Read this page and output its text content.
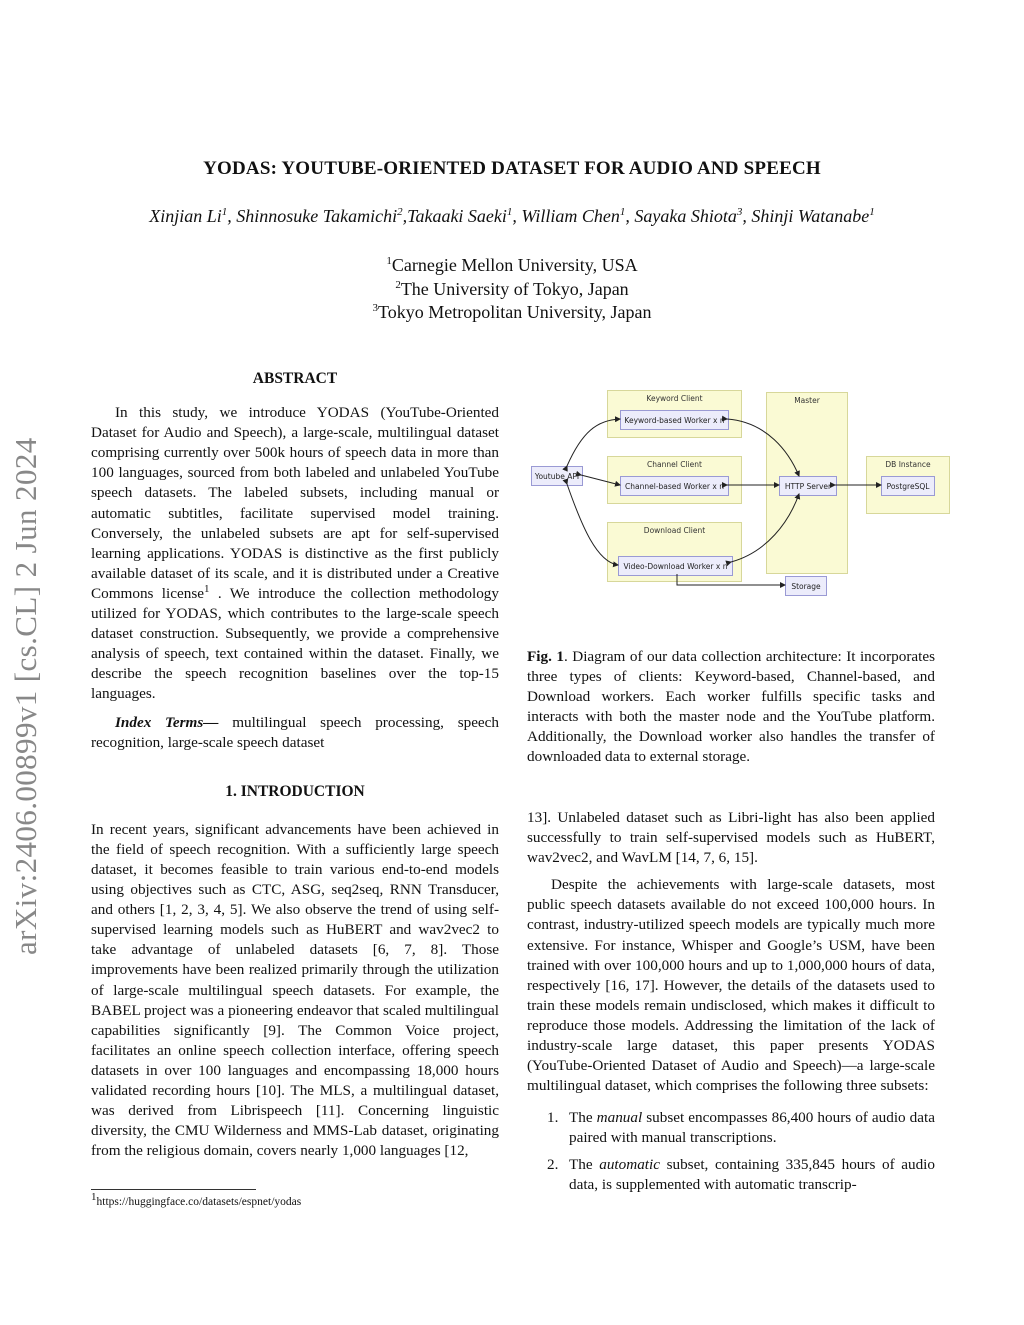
arXiv:2406.00899v1 [cs.CL] 2 Jun 2024
YODAS: YOUTUBE-ORIENTED DATASET FOR AUDIO AND SPEECH
Xinjian Li$^1$, Shinnosuke Takamichi$^2$,Takaaki Saeki$^1$, William Chen$^1$, Sayaka Shiota$^3$, Shinji Watanabe$^1$
$^1$Carnegie Mellon University, USA
$^2$The University of Tokyo, Japan
$^3$Tokyo Metropolitan University, Japan
ABSTRACT

In this study, we introduce YODAS (YouTube-Oriented Dataset for Audio and Speech), a large-scale, multilingual dataset comprising currently over 500k hours of speech data in more than 100 languages, sourced from both labeled and unlabeled YouTube speech datasets. The labeled subsets, including manual or automatic subtitles, facilitate supervised model training. Conversely, the unlabeled subsets are apt for self-supervised learning applications. YODAS is distinctive as the first publicly available dataset of its scale, and it is distributed under a Creative Commons license$^1$ . We introduce the collection methodology utilized for YODAS, which contributes to the large-scale speech dataset construction. Subsequently, we provide a comprehensive analysis of speech, text contained within the dataset. Finally, we describe the speech recognition baselines over the top-15 languages.

Index Terms— multilingual speech processing, speech recognition, large-scale speech dataset

1. INTRODUCTION

In recent years, significant advancements have been achieved in the field of speech recognition. With a sufficiently large speech dataset, it becomes feasible to train various end-to-end models using objectives such as CTC, ASG, seq2seq, RNN Transducer, and others [1, 2, 3, 4, 5]. We also observe the trend of using self-supervised learning models such as HuBERT and wav2vec2 to take advantage of unlabeled datasets [6, 7, 8]. Those improvements have been realized primarily through the utilization of large-scale multilingual speech datasets. For example, the BABEL project was a pioneering endeavor that scaled multilingual capabilities significantly [9]. The Common Voice project, facilitates an online speech collection interface, offering speech datasets in over 100 languages and encompassing 18,000 hours validated recording hours [10]. The MLS, a multilingual dataset, was derived from Librispeech [11]. Concerning linguistic diversity, the CMU Wilderness and MMS-Lab dataset, originating from the religious domain, covers nearly 1,000 languages [12,

$^1$https://huggingface.co/datasets/espnet/yodas
Keyword Client
Channel Client
Download Client
Master
DB Instance
Youtube API
Keyword-based Worker x n
Channel-based Worker x n
Video-Download Worker x n
HTTP Server	PostgreSQL
Storage
Fig. 1. Diagram of our data collection architecture: It incorporates three types of clients: Keyword-based, Channel-based, and Download workers. Each worker fulfills specific tasks and interacts with both the master node and the YouTube platform. Additionally, the Download worker also handles the transfer of downloaded data to external storage.

13]. Unlabeled dataset such as Libri-light has also been applied successfully to train self-supervised models such as HuBERT, wav2vec2, and WavLM [14, 7, 6, 15].

Despite the achievements with large-scale datasets, most public speech datasets available do not exceed 100,000 hours. In contrast, industry-utilized speech models are typically much more extensive. For instance, Whisper and Google’s USM, have been trained with over 100,000 hours and up to 1,000,000 hours of data, respectively [16, 17]. However, the details of the datasets used to train these models remain undisclosed, which makes it difficult to reproduce those models. Addressing the limitation of the lack of industry-scale large dataset, this paper presents YODAS (YouTube-Oriented Dataset of Audio and Speech)—a large-scale multilingual dataset, which comprises the following three subsets:

1. The manual subset encompasses 86,400 hours of audio data paired with manual transcriptions.
2. The automatic subset, containing 335,845 hours of audio data, is supplemented with automatic transcrip-
